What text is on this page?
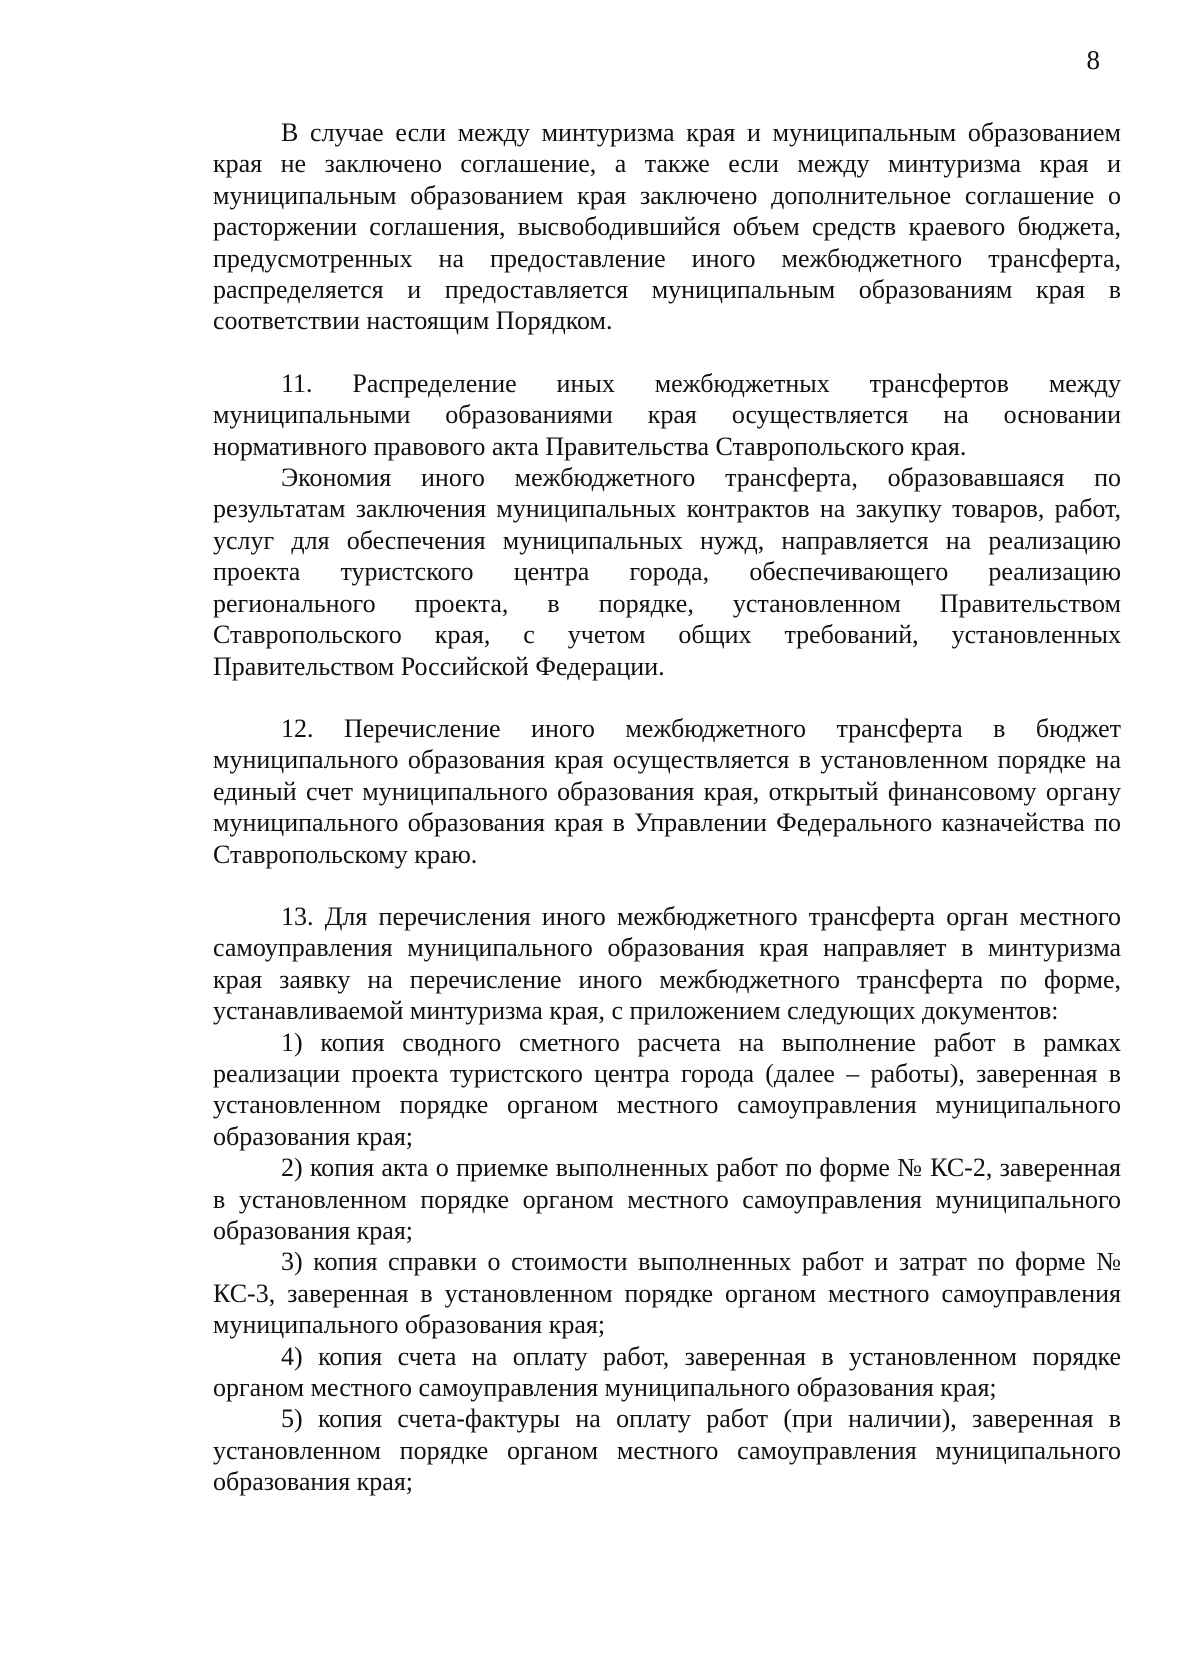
8

В случае если между минтуризма края и муниципальным образованием края не заключено соглашение, а также если между минтуризма края и муниципальным образованием края заключено дополнительное соглашение о расторжении соглашения, высвободившийся объем средств краевого бюджета, предусмотренных на предоставление иного межбюджетного трансферта, распределяется и предоставляется муниципальным образованиям края в соответствии настоящим Порядком.

11. Распределение иных межбюджетных трансфертов между муниципальными образованиями края осуществляется на основании нормативного правового акта Правительства Ставропольского края.

Экономия иного межбюджетного трансферта, образовавшаяся по результатам заключения муниципальных контрактов на закупку товаров, работ, услуг для обеспечения муниципальных нужд, направляется на реализацию проекта туристского центра города, обеспечивающего реализацию регионального проекта, в порядке, установленном Правительством Ставропольского края, с учетом общих требований, установленных Правительством Российской Федерации.

12. Перечисление иного межбюджетного трансферта в бюджет муниципального образования края осуществляется в установленном порядке на единый счет муниципального образования края, открытый финансовому органу муниципального образования края в Управлении Федерального казначейства по Ставропольскому краю.

13. Для перечисления иного межбюджетного трансферта орган местного самоуправления муниципального образования края направляет в минтуризма края заявку на перечисление иного межбюджетного трансферта по форме, устанавливаемой минтуризма края, с приложением следующих документов:

1) копия сводного сметного расчета на выполнение работ в рамках реализации проекта туристского центра города (далее – работы), заверенная в установленном порядке органом местного самоуправления муниципального образования края;

2) копия акта о приемке выполненных работ по форме № КС-2, заверенная в установленном порядке органом местного самоуправления муниципального образования края;

3) копия справки о стоимости выполненных работ и затрат по форме № КС-3, заверенная в установленном порядке органом местного самоуправления муниципального образования края;

4) копия счета на оплату работ, заверенная в установленном порядке органом местного самоуправления муниципального образования края;

5) копия счета-фактуры на оплату работ (при наличии), заверенная в установленном порядке органом местного самоуправления муниципального образования края;
